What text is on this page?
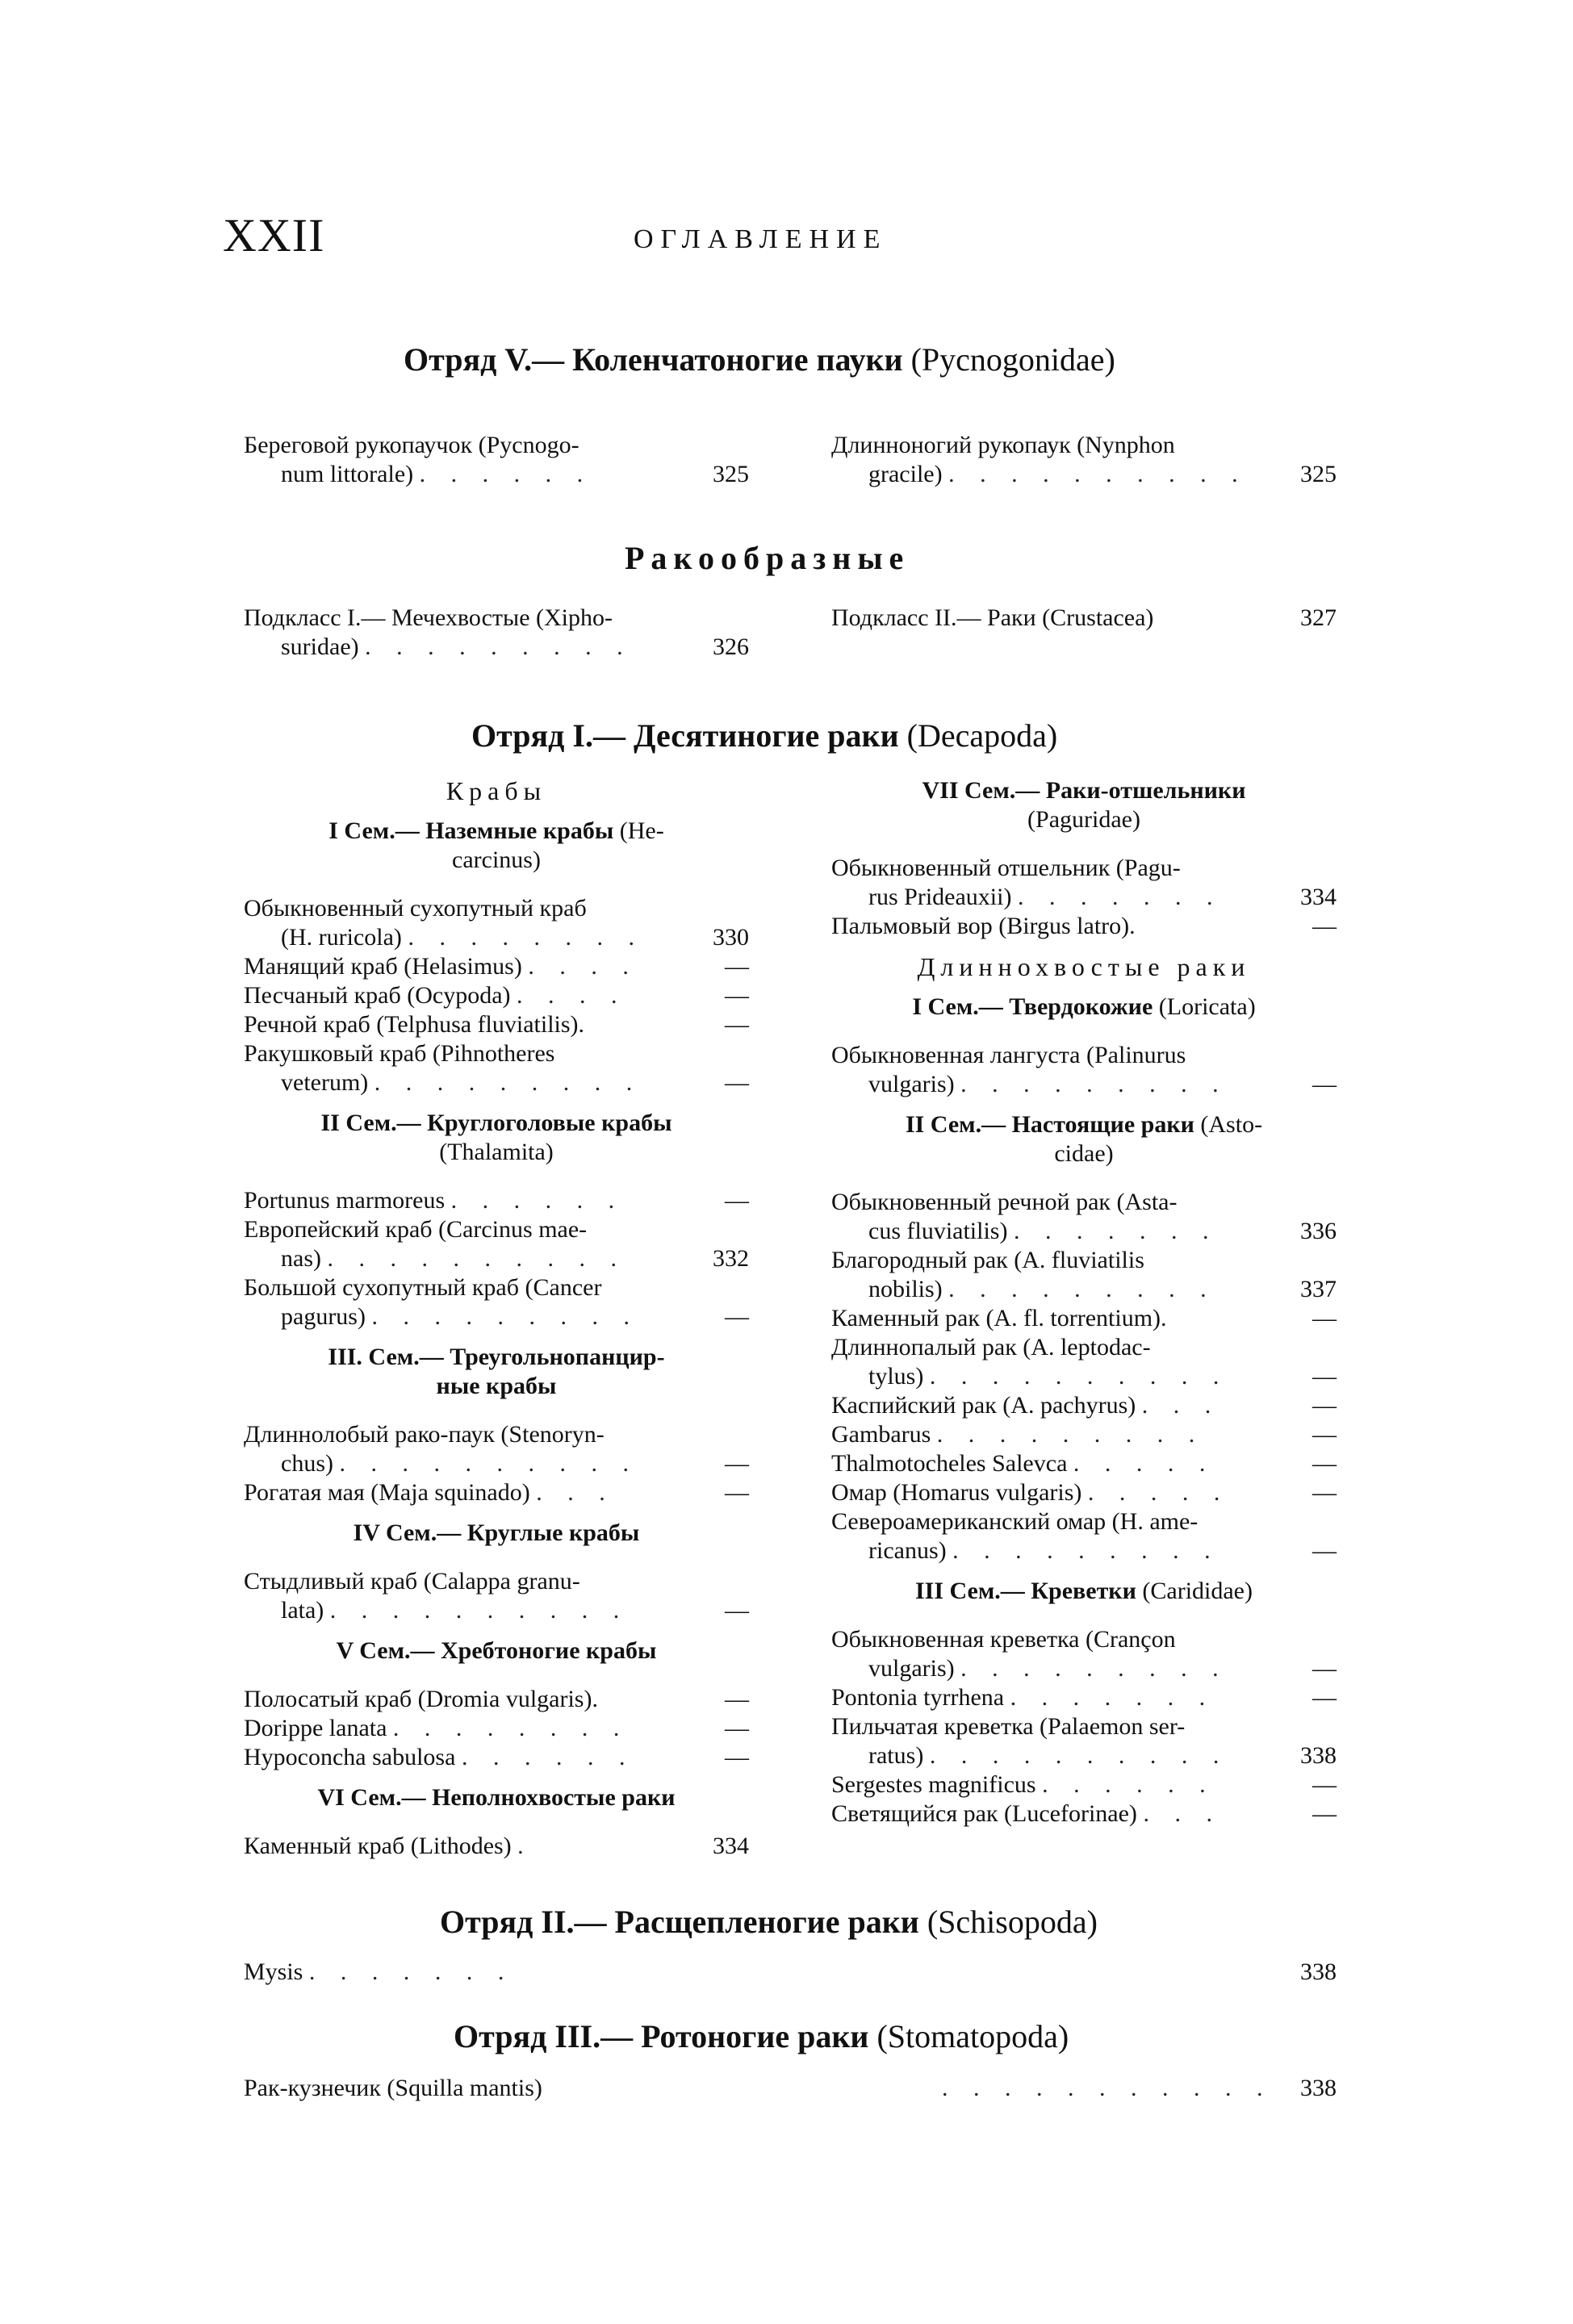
XXII	ОГЛАВЛЕНИЕ
Отряд V.— Коленчатоногие пауки (Pycnogonidae)
Береговой рукопаучок (Pycnogo-
num littorale) . . . . . .	325
Длинноногий рукопаук (Nynphon
gracile) . . . . . . . . . .	325
Ракообразные
Подкласс I.— Мечехвостые (Xipho-
suridae) . . . . . . . . .	326
Подкласс II.— Раки (Crustacea)	327
Отряд I.— Десятиногие раки (Decapoda)
Крабы
I Сем.— Наземные крабы (He-
carcinus)
Обыкновенный сухопутный краб
(H. ruricola) . . . . . . . .	330
Манящий краб (Helasimus) . . . .	—
Песчаный краб (Ocypoda) . . . .	—
Речной краб (Telphusa fluviatilis).	—
Ракушковый краб (Pihnotheres
veterum) . . . . . . . . .	—
II Сем.— Круглоголовые крабы
(Thalamita)
Portunus marmoreus . . . . . .	—
Европейский краб (Carcinus mae-
nas) . . . . . . . . . .	332
Большой сухопутный краб (Cancer
pagurus) . . . . . . . . .	—
III. Сем.— Треугольнопанцир-
ные крабы
Длиннолобый рако-паук (Stenoryn-
chus) . . . . . . . . . .	—
Рогатая мая (Maja squinado) . . .	—
IV Сем.— Круглые крабы
Стыдливый краб (Calappa granu-
lata) . . . . . . . . . .	—
V Сем.— Хребтоногие крабы
Полосатый краб (Dromia vulgaris).	—
Dorippe lanata . . . . . . . .	—
Hypoconcha sabulosa . . . . . .	—
VI Сем.— Неполнохвостые раки
Каменный краб (Lithodes) .	334
VII Сем.— Раки-отшельники
(Paguridae)
Обыкновенный отшельник (Pagu-
rus Prideauxii) . . . . . . .	334
Пальмовый вор (Birgus latro).	—
Длиннохвостые раки
I Сем.— Твердокожие (Loricata)
Обыкновенная лангуста (Palinurus
vulgaris) . . . . . . . . .	—
II Сем.— Настоящие раки (Asto-
cidae)
Обыкновенный речной рак (Asta-
cus fluviatilis) . . . . . . .	336
Благородный рак (A. fluviatilis
nobilis) . . . . . . . . .	337
Каменный рак (A. fl. torrentium).	—
Длиннопалый рак (A. leptodac-
tylus) . . . . . . . . . .	—
Каспийский рак (A. pachyrus) . . .	—
Gambarus . . . . . . . . .	—
Thalmotocheles Salevca . . . . .	—
Омар (Homarus vulgaris) . . . . .	—
Североамериканский омар (H. ame-
ricanus) . . . . . . . . .	—
III Сем.— Креветки (Carididae)
Обыкновенная креветка (Crançon
vulgaris) . . . . . . . . .	—
Pontonia tyrrhena . . . . . . .	—
Пильчатая креветка (Palaemon ser-
ratus) . . . . . . . . . .	338
Sergestes magnificus . . . . . .	—
Светящийся рак (Luceforinae) . . .	—
Отряд II.— Расщепленогие раки (Schisopoda)
Mysis . . . . . . .	338
Отряд III.— Ротоногие раки (Stomatopoda)
Рак-кузнечик (Squilla mantis)	. . . . . . . . . . . 338
